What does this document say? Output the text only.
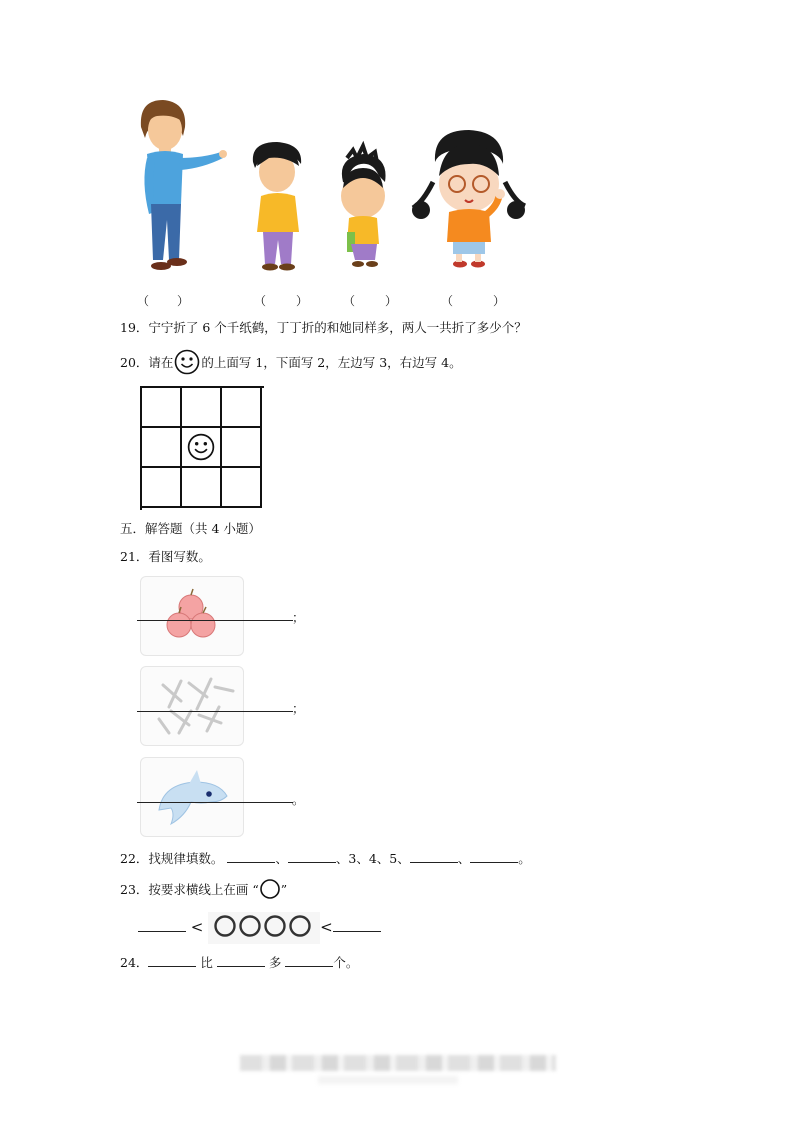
（ ）	（	）	（	）	（	）
19．宁宁折了 6 个千纸鹤，丁丁折的和她同样多，两人一共折了多少个？
20．请在 的上面写 1，下面写 2，左边写 3，右边写 4。
五．解答题（共 4 小题）
21．看图写数。
；
；
。
22．找规律填数。	、	、3、4、5、	、	。
23．按要求横线上在画 “ ”
<	<
24．	比	多	个。
